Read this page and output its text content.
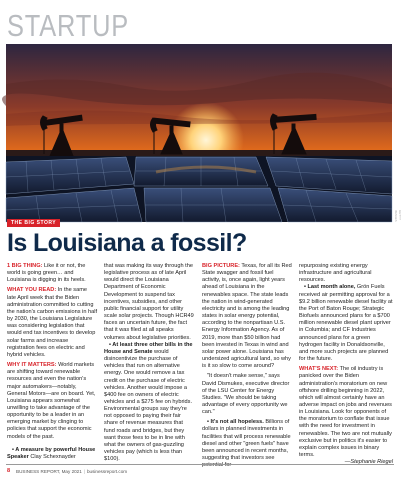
STARTUP
GETTY IMAGES
THE BIG STORY
Is Louisiana a fossil?

1 BIG THING: Like it or not, the world is going green… and Louisiana is digging in its heels.

WHAT YOU READ: In the same late April week that the Biden administration committed to cutting the nation's carbon emissions in half by 2030, the Louisiana Legislature was considering legislation that would end tax incentives to develop solar farms and increase registration fees on electric and hybrid vehicles.

WHY IT MATTERS: World markets are shifting toward renewable resources and even the nation's major automakers—notably, General Motors—are on board. Yet, Louisiana appears somewhat unwilling to take advantage of the opportunity to be a leader in an emerging market by clinging to policies that support the economic models of the past.

• A measure by powerful House Speaker Clay Schexnayder

that was making its way through the legislative process as of late April would direct the Louisiana Department of Economic Development to suspend tax incentives, subsidies, and other public financial support for utility scale solar projects. Though HCR49 faces an uncertain future, the fact that it was filed at all speaks volumes about legislative priorities.

• At least three other bills in the House and Senate would disincentivize the purchase of vehicles that run on alternative energy. One would remove a tax credit on the purchase of electric vehicles. Another would impose a $400 fee on owners of electric vehicles and a $275 fee on hybrids. Environmental groups say they're not opposed to paying their fair share of revenue measures that fund roads and bridges, but they want those fees to be in line with what the owners of gas-guzzling vehicles pay (which is less than $100).

BIG PICTURE: Texas, for all its Red State swagger and fossil fuel activity, is, once again, light years ahead of Louisiana in the renewables space. The state leads the nation in wind-generated electricity and is among the leading states in solar energy potential, according to the nonpartisan U.S. Energy Information Agency. As of 2019, more than $50 billion had been invested in Texas in wind and solar power alone. Louisiana has undersized agricultural land, so why is it so slow to come around?

"It doesn't make sense," says David Dismukes, executive director of the LSU Center for Energy Studies. "We should be taking advantage of every opportunity we can."

• It's not all hopeless. Billions of dollars in planned investments in facilities that will process renewable diesel and other "green fuels" have been announced in recent months, suggesting that investors see potential for

repurposing existing energy infrastructure and agricultural resources.

• Last month alone, Grön Fuels received air permitting approval for a $9.2 billion renewable diesel facility at the Port of Baton Rouge; Strategic Biofuels announced plans for a $700 million renewable diesel plant upriver in Columbia; and CF Industries announced plans for a green hydrogen facility in Donaldsonville, and more such projects are planned for the future.

WHAT'S NEXT: The oil industry is panicked over the Biden administration's moratorium on new offshore drilling beginning in 2022, which will almost certainly have an adverse impact on jobs and revenues in Louisiana. Look for opponents of the moratorium to conflate that issue with the need for investment in renewables. The two are not mutually exclusive but in politics it's easier to explain complex issues in binary terms.

—Stephanie Riegel

8 BUSINESS REPORT, May 2021 | businessreport.com
